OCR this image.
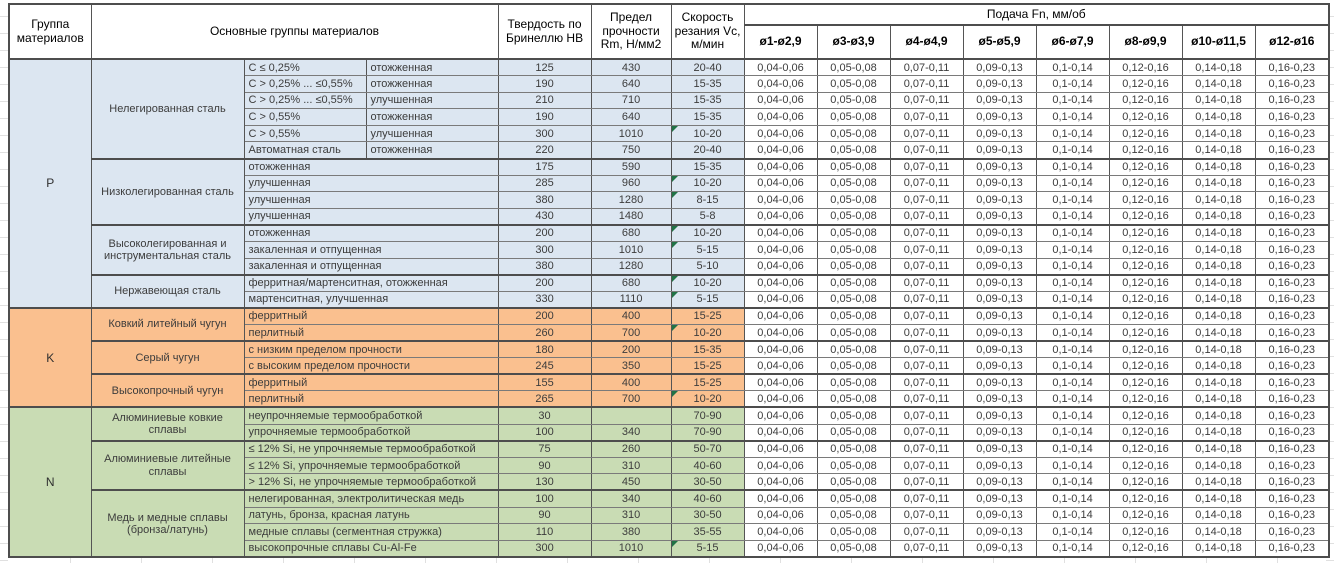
Группа материалов	Основные группы материалов			Твердость по Бринеллю НВ	Предел прочности Rm, Н/мм2	Скорость резания Vc, м/мин	Подача Fn, мм/об							
							ø1-ø2,9	ø3-ø3,9	ø4-ø4,9	ø5-ø5,9	ø6-ø7,9	ø8-ø9,9	ø10-ø11,5	ø12-ø16
P	Нелегированная сталь	С ≤ 0,25%	отожженная	125	430	20-40	0,04-0,06	0,05-0,08	0,07-0,11	0,09-0,13	0,1-0,14	0,12-0,16	0,14-0,18	0,16-0,23
		С > 0,25% ... ≤0,55%	отожженная	190	640	15-35	0,04-0,06	0,05-0,08	0,07-0,11	0,09-0,13	0,1-0,14	0,12-0,16	0,14-0,18	0,16-0,23
		С > 0,25% ... ≤0,55%	улучшенная	210	710	15-35	0,04-0,06	0,05-0,08	0,07-0,11	0,09-0,13	0,1-0,14	0,12-0,16	0,14-0,18	0,16-0,23
		С > 0,55%	отожженная	190	640	15-35	0,04-0,06	0,05-0,08	0,07-0,11	0,09-0,13	0,1-0,14	0,12-0,16	0,14-0,18	0,16-0,23
		С > 0,55%	улучшенная	300	1010	10-20	0,04-0,06	0,05-0,08	0,07-0,11	0,09-0,13	0,1-0,14	0,12-0,16	0,14-0,18	0,16-0,23
		Автоматная сталь	отожженная	220	750	20-40	0,04-0,06	0,05-0,08	0,07-0,11	0,09-0,13	0,1-0,14	0,12-0,16	0,14-0,18	0,16-0,23
	Низколегированная сталь	отожженная		175	590	15-35	0,04-0,06	0,05-0,08	0,07-0,11	0,09-0,13	0,1-0,14	0,12-0,16	0,14-0,18	0,16-0,23
		улучшенная		285	960	10-20	0,04-0,06	0,05-0,08	0,07-0,11	0,09-0,13	0,1-0,14	0,12-0,16	0,14-0,18	0,16-0,23
		улучшенная		380	1280	8-15	0,04-0,06	0,05-0,08	0,07-0,11	0,09-0,13	0,1-0,14	0,12-0,16	0,14-0,18	0,16-0,23
		улучшенная		430	1480	5-8	0,04-0,06	0,05-0,08	0,07-0,11	0,09-0,13	0,1-0,14	0,12-0,16	0,14-0,18	0,16-0,23
	Высоколегированная и инструментальная сталь	отожженная		200	680	10-20	0,04-0,06	0,05-0,08	0,07-0,11	0,09-0,13	0,1-0,14	0,12-0,16	0,14-0,18	0,16-0,23
		закаленная и отпущенная		300	1010	5-15	0,04-0,06	0,05-0,08	0,07-0,11	0,09-0,13	0,1-0,14	0,12-0,16	0,14-0,18	0,16-0,23
		закаленная и отпущенная		380	1280	5-10	0,04-0,06	0,05-0,08	0,07-0,11	0,09-0,13	0,1-0,14	0,12-0,16	0,14-0,18	0,16-0,23
	Нержавеющая сталь	ферритная/мартенситная, отожженная		200	680	10-20	0,04-0,06	0,05-0,08	0,07-0,11	0,09-0,13	0,1-0,14	0,12-0,16	0,14-0,18	0,16-0,23
		мартенситная, улучшенная		330	1110	5-15	0,04-0,06	0,05-0,08	0,07-0,11	0,09-0,13	0,1-0,14	0,12-0,16	0,14-0,18	0,16-0,23
K	Ковкий литейный чугун	ферритный		200	400	15-25	0,04-0,06	0,05-0,08	0,07-0,11	0,09-0,13	0,1-0,14	0,12-0,16	0,14-0,18	0,16-0,23
		перлитный		260	700	10-20	0,04-0,06	0,05-0,08	0,07-0,11	0,09-0,13	0,1-0,14	0,12-0,16	0,14-0,18	0,16-0,23
	Серый чугун	с низким пределом прочности		180	200	15-35	0,04-0,06	0,05-0,08	0,07-0,11	0,09-0,13	0,1-0,14	0,12-0,16	0,14-0,18	0,16-0,23
		с высоким пределом прочности		245	350	15-25	0,04-0,06	0,05-0,08	0,07-0,11	0,09-0,13	0,1-0,14	0,12-0,16	0,14-0,18	0,16-0,23
	Высокопрочный чугун	ферритный		155	400	15-25	0,04-0,06	0,05-0,08	0,07-0,11	0,09-0,13	0,1-0,14	0,12-0,16	0,14-0,18	0,16-0,23
		перлитный		265	700	10-20	0,04-0,06	0,05-0,08	0,07-0,11	0,09-0,13	0,1-0,14	0,12-0,16	0,14-0,18	0,16-0,23
N	Алюминиевые ковкие сплавы	неупрочняемые термообработкой		30		70-90	0,04-0,06	0,05-0,08	0,07-0,11	0,09-0,13	0,1-0,14	0,12-0,16	0,14-0,18	0,16-0,23
		упрочняемые термообработкой		100	340	70-90	0,04-0,06	0,05-0,08	0,07-0,11	0,09-0,13	0,1-0,14	0,12-0,16	0,14-0,18	0,16-0,23
	Алюминиевые литейные сплавы	≤ 12% Si, не упрочняемые термообработкой		75	260	50-70	0,04-0,06	0,05-0,08	0,07-0,11	0,09-0,13	0,1-0,14	0,12-0,16	0,14-0,18	0,16-0,23
		≤ 12% Si, упрочняемые термообработкой		90	310	40-60	0,04-0,06	0,05-0,08	0,07-0,11	0,09-0,13	0,1-0,14	0,12-0,16	0,14-0,18	0,16-0,23
		> 12% Si, не упрочняемые термообработкой		130	450	30-50	0,04-0,06	0,05-0,08	0,07-0,11	0,09-0,13	0,1-0,14	0,12-0,16	0,14-0,18	0,16-0,23
	Медь и медные сплавы (бронза/латунь)	нелегированная, электролитическая медь		100	340	40-60	0,04-0,06	0,05-0,08	0,07-0,11	0,09-0,13	0,1-0,14	0,12-0,16	0,14-0,18	0,16-0,23
		латунь, бронза, красная латунь		90	310	30-50	0,04-0,06	0,05-0,08	0,07-0,11	0,09-0,13	0,1-0,14	0,12-0,16	0,14-0,18	0,16-0,23
		медные сплавы (сегментная стружка)		110	380	35-55	0,04-0,06	0,05-0,08	0,07-0,11	0,09-0,13	0,1-0,14	0,12-0,16	0,14-0,18	0,16-0,23
		высокопрочные сплавы Cu-Al-Fe		300	1010	5-15	0,04-0,06	0,05-0,08	0,07-0,11	0,09-0,13	0,1-0,14	0,12-0,16	0,14-0,18	0,16-0,23
